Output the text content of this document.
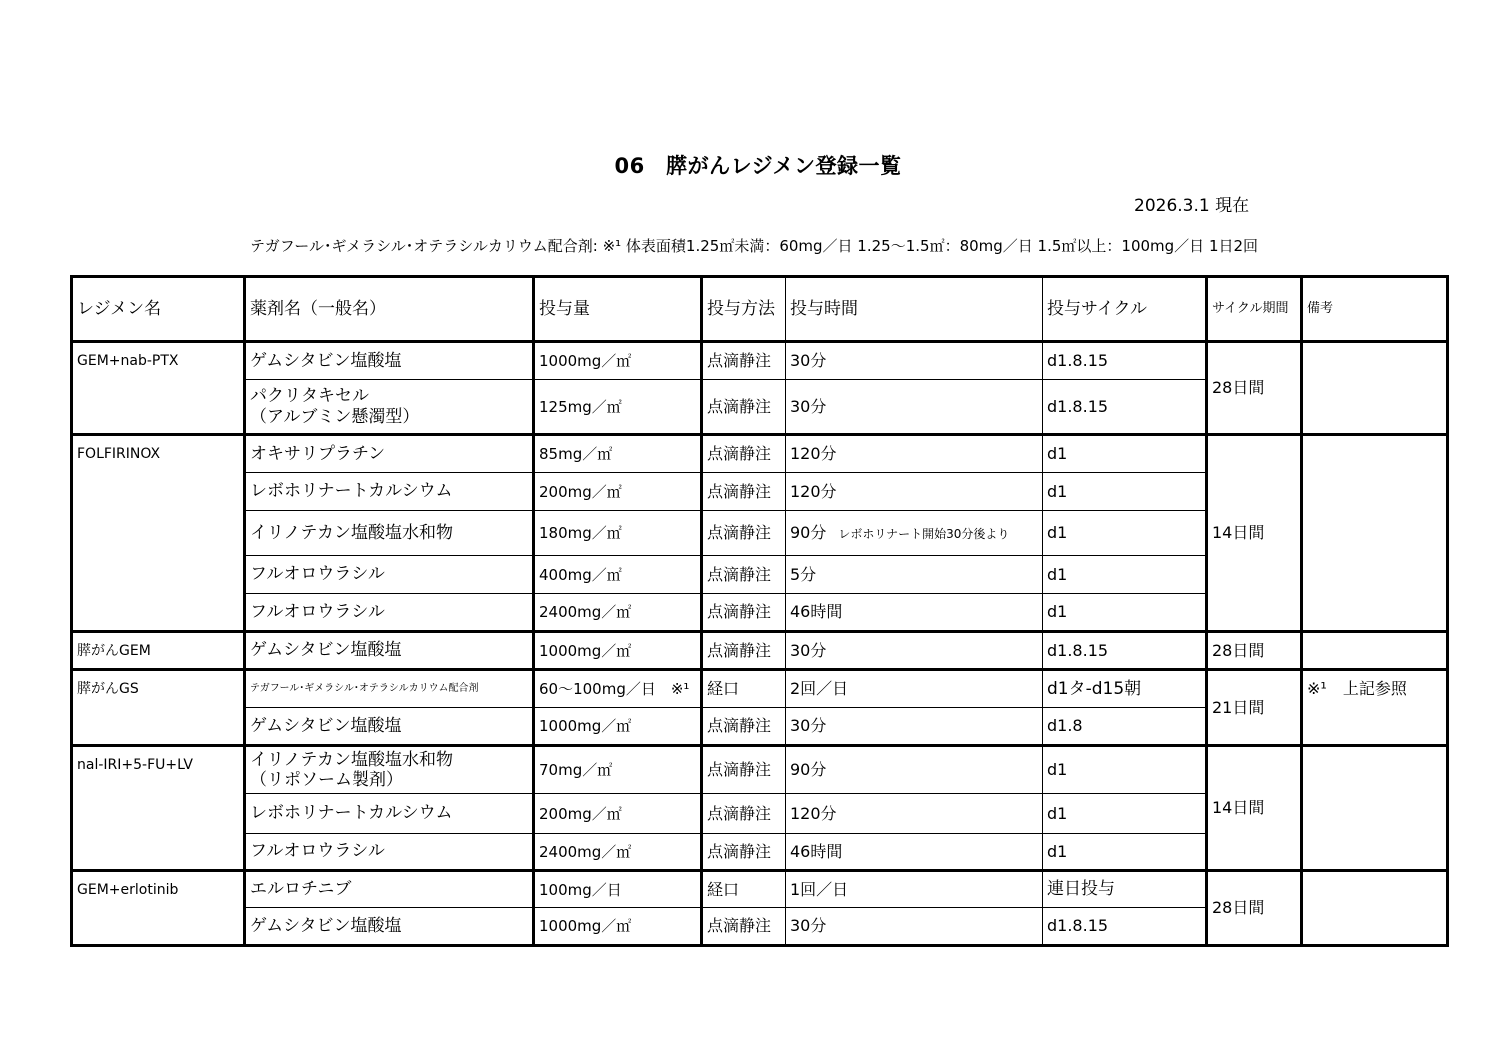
06　膵がんレジメン登録一覧
2026.3.1 現在
テガフール･ギメラシル･オテラシルカリウム配合剤: ※¹ 体表面積1.25㎡未満：60mg／日 1.25～1.5㎡：80mg／日 1.5㎡以上：100mg／日 1日2回
レジメン名	薬剤名（一般名）	投与量	投与方法	投与時間	投与サイクル	サイクル期間	備考
GEM+nab-PTX	ゲムシタビン塩酸塩	1000mg／㎡	点滴静注	30分	d1.8.15	28日間	

	パクリタキセル
（アルブミン懸濁型）	125mg／㎡	点滴静注	30分	d1.8.15		
FOLFIRINOX	オキサリプラチン	85mg／㎡	点滴静注	120分	d1	14日間	

	レボホリナートカルシウム	200mg／㎡	点滴静注	120分	d1		

	イリノテカン塩酸塩水和物	180mg／㎡	点滴静注	90分 レボホリナート開始30分後より	d1		

	フルオロウラシル	400mg／㎡	点滴静注	5分	d1		

	フルオロウラシル	2400mg／㎡	点滴静注	46時間	d1		
膵がんGEM	ゲムシタビン塩酸塩	1000mg／㎡	点滴静注	30分	d1.8.15	28日間	
膵がんGS	テガフール･ギメラシル･オテラシルカリウム配合剤	60～100mg／日　※¹	経口	2回／日	d1タ-d15朝	21日間	※¹　上記参照

	ゲムシタビン塩酸塩	1000mg／㎡	点滴静注	30分	d1.8		
nal-IRI+5-FU+LV	イリノテカン塩酸塩水和物
（リポソーム製剤）	70mg／㎡	点滴静注	90分	d1	14日間	

	レボホリナートカルシウム	200mg／㎡	点滴静注	120分	d1		

	フルオロウラシル	2400mg／㎡	点滴静注	46時間	d1		
GEM+erlotinib	エルロチニブ	100mg／日	経口	1回／日	連日投与	28日間	

	ゲムシタビン塩酸塩	1000mg／㎡	点滴静注	30分	d1.8.15		
